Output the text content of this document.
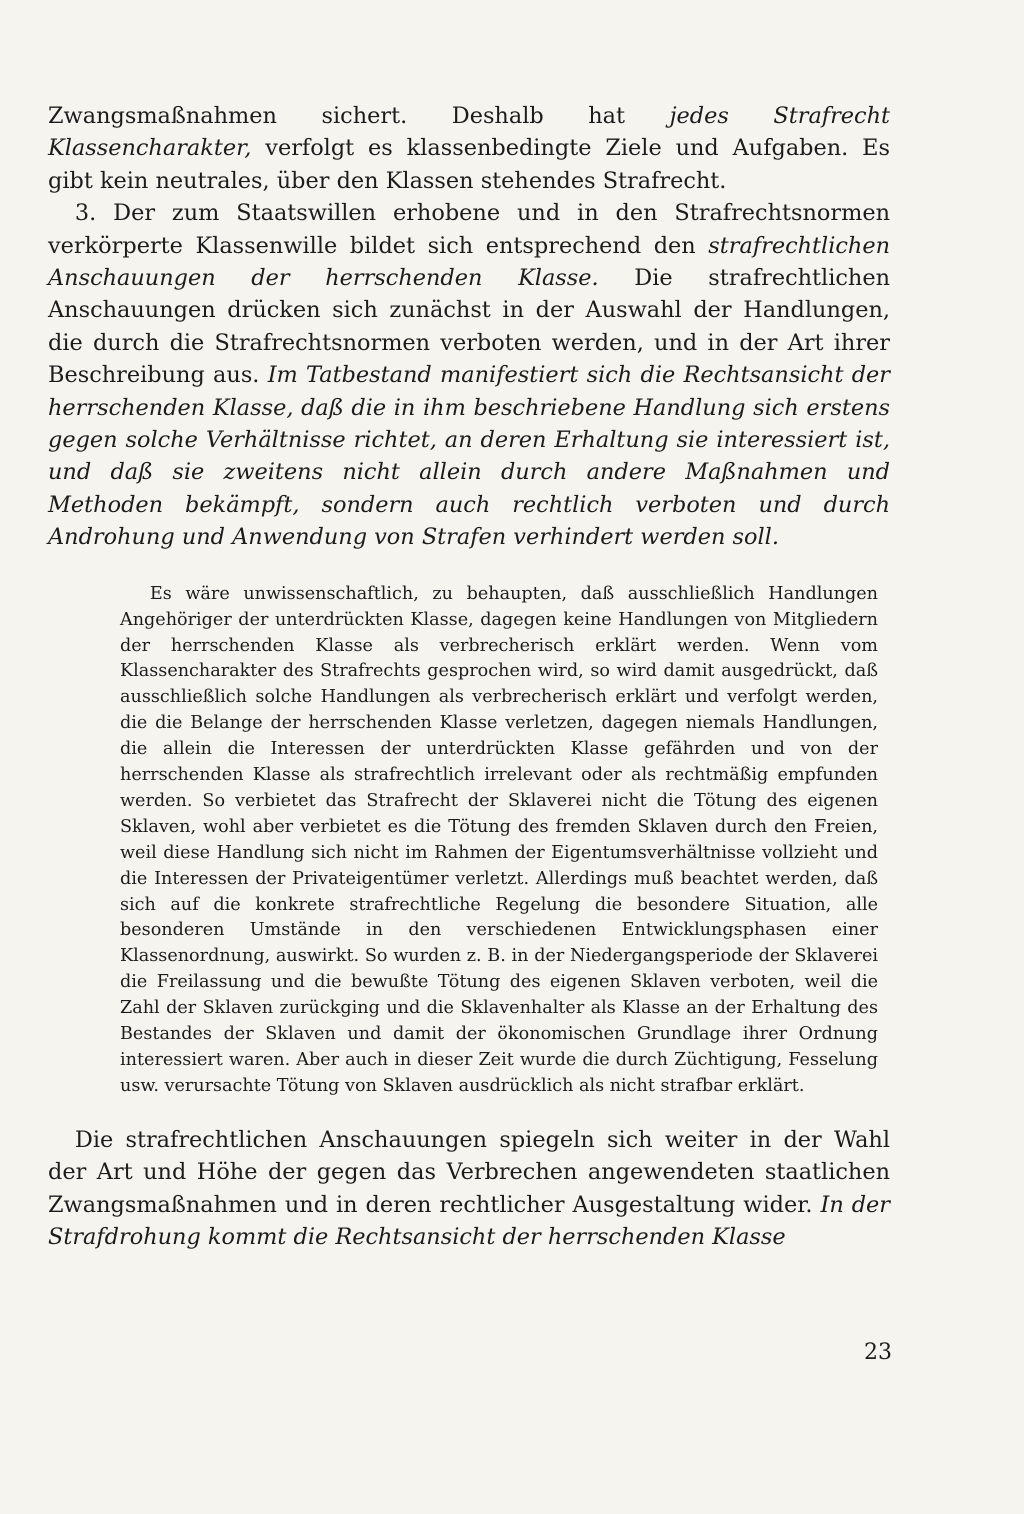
Zwangsmaßnahmen sichert. Deshalb hat jedes Strafrecht Klassencharakter, verfolgt es klassenbedingte Ziele und Aufgaben. Es gibt kein neutrales, über den Klassen stehendes Strafrecht.

3. Der zum Staatswillen erhobene und in den Strafrechtsnormen verkörperte Klassenwille bildet sich entsprechend den strafrechtlichen Anschauungen der herrschenden Klasse. Die strafrechtlichen Anschauungen drücken sich zunächst in der Auswahl der Handlungen, die durch die Strafrechtsnormen verboten werden, und in der Art ihrer Beschreibung aus. Im Tatbestand manifestiert sich die Rechtsansicht der herrschenden Klasse, daß die in ihm beschriebene Handlung sich erstens gegen solche Verhältnisse richtet, an deren Erhaltung sie interessiert ist, und daß sie zweitens nicht allein durch andere Maßnahmen und Methoden bekämpft, sondern auch rechtlich verboten und durch Androhung und Anwendung von Strafen verhindert werden soll.

Es wäre unwissenschaftlich, zu behaupten, daß ausschließlich Handlungen Angehöriger der unterdrückten Klasse, dagegen keine Handlungen von Mitgliedern der herrschenden Klasse als verbrecherisch erklärt werden. Wenn vom Klassencharakter des Strafrechts gesprochen wird, so wird damit ausgedrückt, daß ausschließlich solche Handlungen als verbrecherisch erklärt und verfolgt werden, die die Belange der herrschenden Klasse verletzen, dagegen niemals Handlungen, die allein die Interessen der unterdrückten Klasse gefährden und von der herrschenden Klasse als strafrechtlich irrelevant oder als rechtmäßig empfunden werden. So verbietet das Strafrecht der Sklaverei nicht die Tötung des eigenen Sklaven, wohl aber verbietet es die Tötung des fremden Sklaven durch den Freien, weil diese Handlung sich nicht im Rahmen der Eigentumsverhältnisse vollzieht und die Interessen der Privateigentümer verletzt. Allerdings muß beachtet werden, daß sich auf die konkrete strafrechtliche Regelung die besondere Situation, alle besonderen Umstände in den verschiedenen Entwicklungsphasen einer Klassenordnung, auswirkt. So wurden z. B. in der Niedergangsperiode der Sklaverei die Freilassung und die bewußte Tötung des eigenen Sklaven verboten, weil die Zahl der Sklaven zurückging und die Sklavenhalter als Klasse an der Erhaltung des Bestandes der Sklaven und damit der ökonomischen Grundlage ihrer Ordnung interessiert waren. Aber auch in dieser Zeit wurde die durch Züchtigung, Fesselung usw. verursachte Tötung von Sklaven ausdrücklich als nicht strafbar erklärt.

Die strafrechtlichen Anschauungen spiegeln sich weiter in der Wahl der Art und Höhe der gegen das Verbrechen angewendeten staatlichen Zwangsmaßnahmen und in deren rechtlicher Ausgestaltung wider. In der Strafdrohung kommt die Rechtsansicht der herrschenden Klasse

23
